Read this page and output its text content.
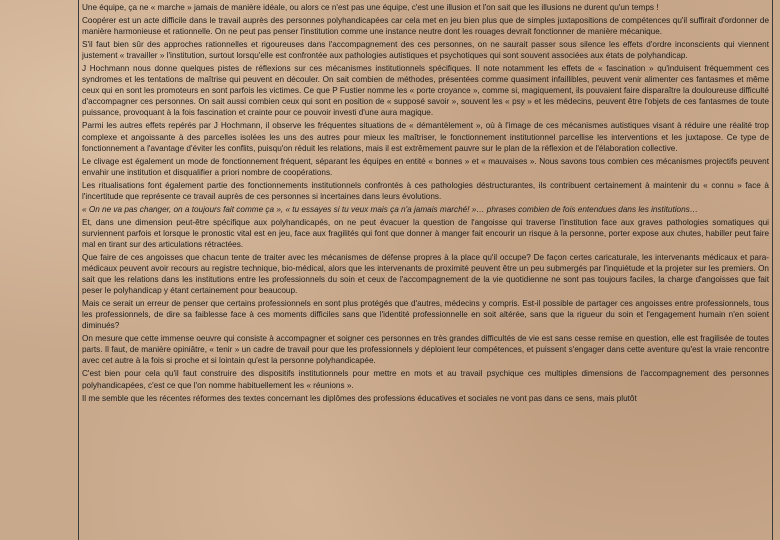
Une équipe, ça ne « marche » jamais de manière idéale, ou alors ce n'est pas une équipe, c'est une illusion et l'on sait que les illusions ne durent qu'un temps !

Coopérer est un acte difficile dans le travail auprès des personnes polyhandicapées car cela met en jeu bien plus que de simples juxtapositions de compétences qu'il suffirait d'ordonner de manière harmonieuse et rationnelle. On ne peut pas penser l'institution comme une instance neutre dont les rouages devrait fonctionner de manière mécanique.

S'il faut bien sûr des approches rationnelles et rigoureuses dans l'accompagnement des ces personnes, on ne saurait passer sous silence les effets d'ordre inconscients qui viennent justement « travailler » l'institution, surtout lorsqu'elle est confrontée aux pathologies autistiques et psychotiques qui sont souvent associées aux états de polyhandicap.

J Hochmann nous donne quelques pistes de réflexions sur ces mécanismes institutionnels spécifiques. Il note notamment les effets de « fascination » qu'induisent fréquemment ces syndromes et les tentations de maîtrise qui peuvent en découler. On sait combien de méthodes, présentées comme quasiment infaillibles, peuvent venir alimenter ces fantasmes et même ceux qui en sont les promoteurs en sont parfois les victimes. Ce que P Fustier nomme les « porte croyance », comme si, magiquement, ils pouvaient faire disparaître la douloureuse difficulté d'accompagner ces personnes. On sait aussi combien ceux qui sont en position de « supposé savoir », souvent les « psy » et les médecins, peuvent être l'objets de ces fantasmes de toute puissance, provoquant à la fois fascination et crainte pour ce pouvoir investi d'une aura magique.

Parmi les autres effets repérés par J Hochmann, il observe les fréquentes situations de « démantèlement », où à l'image de ces mécanismes autistiques visant à réduire une réalité trop complexe et angoissante à des parcelles isolées les uns des autres pour mieux les maîtriser, le fonctionnement institutionnel parcellise les interventions et les juxtapose. Ce type de fonctionnement a l'avantage d'éviter les conflits, puisqu'on réduit les relations, mais il est extrêmement pauvre sur le plan de la réflexion et de l'élaboration collective.

Le clivage est également un mode de fonctionnement fréquent, séparant les équipes en entité « bonnes » et « mauvaises ». Nous savons tous combien ces mécanismes projectifs peuvent envahir une institution et disqualifier a priori nombre de coopérations.

Les ritualisations font également partie des fonctionnements institutionnels confrontés à ces pathologies déstructurantes, ils contribuent certainement à maintenir du « connu » face à l'incertitude que représente ce travail auprès de ces personnes si incertaines dans leurs évolutions.

« On ne va pas changer, on a toujours fait comme ça », « tu essayes si tu veux mais ça n'a jamais marché! »… phrases combien de fois entendues dans les institutions…

Et, dans une dimension peut-être spécifique aux polyhandicapés, on ne peut évacuer la question de l'angoisse qui traverse l'institution face aux graves pathologies somatiques qui surviennent parfois et lorsque le pronostic vital est en jeu, face aux fragilités qui font que donner à manger fait encourir un risque à la personne, porter expose aux chutes, habiller peut faire mal en tirant sur des articulations rétractées.

Que faire de ces angoisses que chacun tente de traiter avec les mécanismes de défense propres à la place qu'il occupe? De façon certes caricaturale, les intervenants médicaux et para-médicaux peuvent avoir recours au registre technique, bio-médical, alors que les intervenants de proximité peuvent être un peu submergés par l'inquiétude et la projeter sur les premiers. On sait que les relations dans les institutions entre les professionnels du soin et ceux de l'accompagnement de la vie quotidienne ne sont pas toujours faciles, la charge d'angoisses que fait peser le polyhandicap y étant certainement pour beaucoup.

Mais ce serait un erreur de penser que certains professionnels en sont plus protégés que d'autres, médecins y compris. Est-il possible de partager ces angoisses entre professionnels, tous les professionnels, de dire sa faiblesse face à ces moments difficiles sans que l'identité professionnelle en soit altérée, sans que la rigueur du soin et l'engagement humain n'en soient diminués?

On mesure que cette immense oeuvre qui consiste à accompagner et soigner ces personnes en très grandes difficultés de vie est sans cesse remise en question, elle est fragilisée de toutes parts. Il faut, de manière opiniâtre, « tenir » un cadre de travail pour que les professionnels y déploient leur compétences, et puissent s'engager dans cette aventure qu'est la vraie rencontre avec cet autre à la fois si proche et si lointain qu'est la personne polyhandicapée.

C'est bien pour cela qu'il faut construire des dispositifs institutionnels pour mettre en mots et au travail psychique ces multiples dimensions de l'accompagnement des personnes polyhandicapées, c'est ce que l'on nomme habituellement les « réunions ».

Il me semble que les récentes réformes des textes concernant les diplômes des professions éducatives et sociales ne vont pas dans ce sens, mais plutôt
